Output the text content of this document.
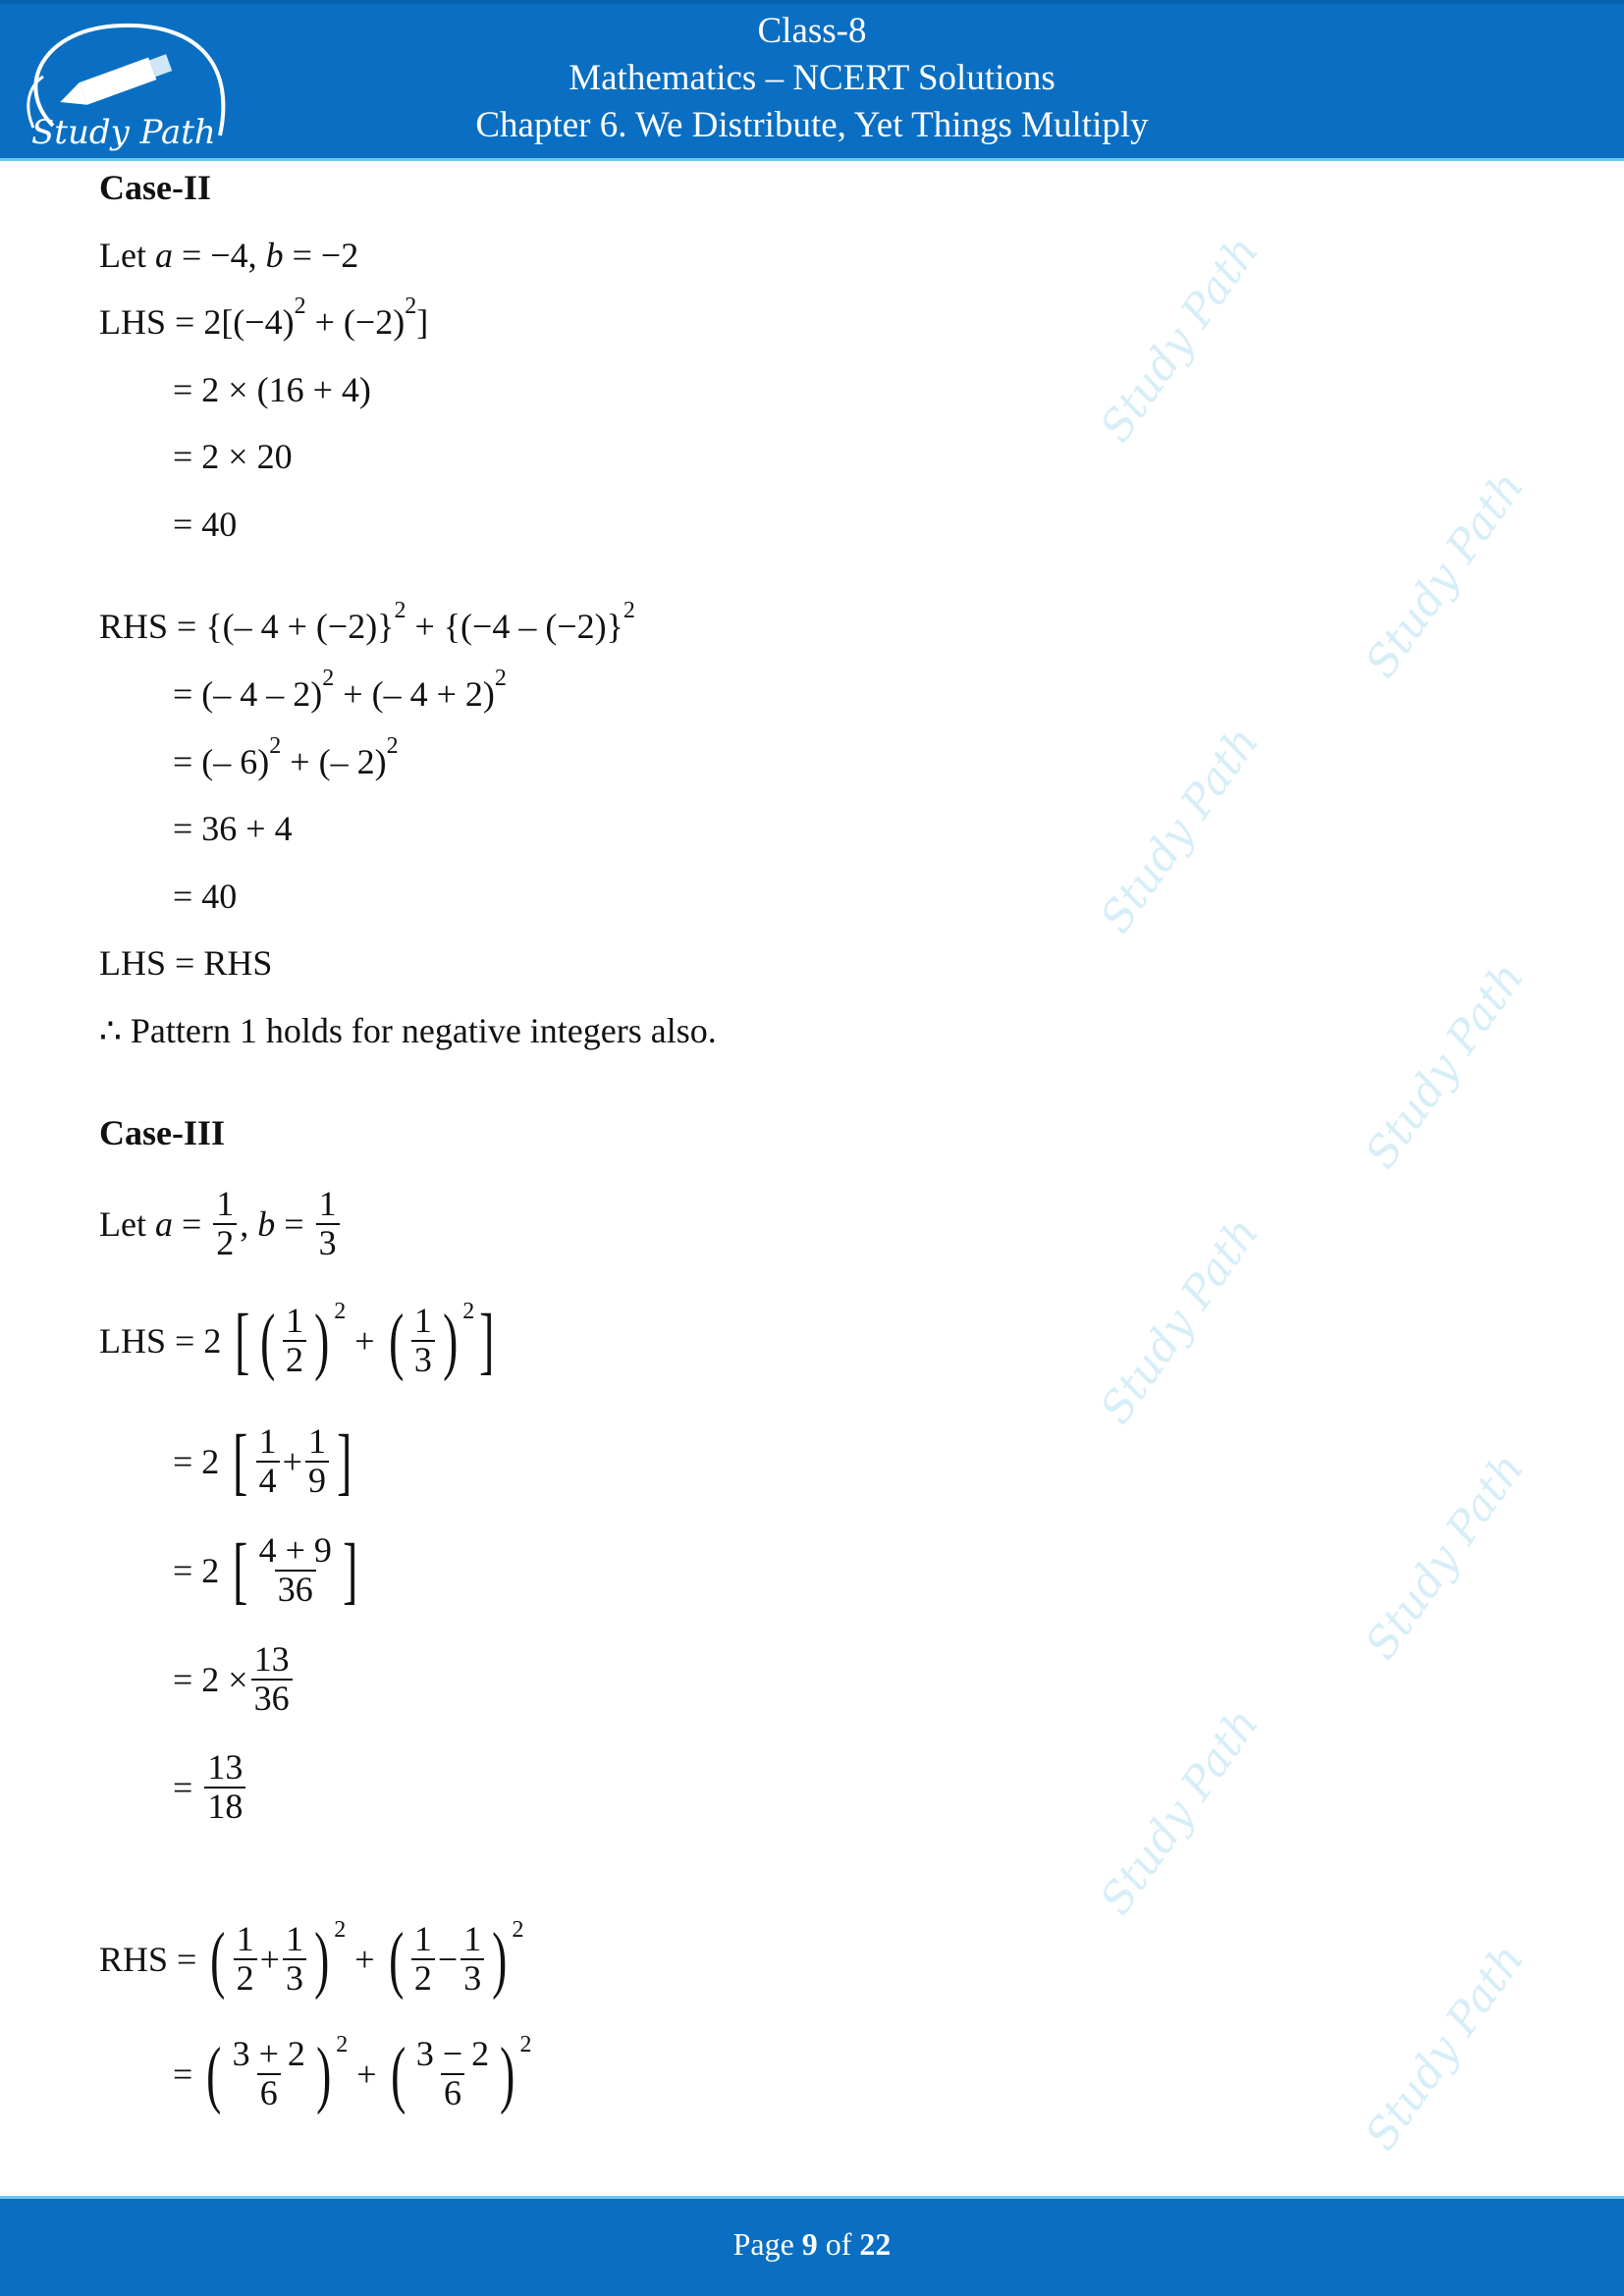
Study Path
Class-8
Mathematics – NCERT Solutions
Chapter 6. We Distribute, Yet Things Multiply
Study Path
Study Path
Study Path
Study Path
Study Path
Study Path
Study Path
Study Path
Case-II
Let a = −4, b = −2
LHS = 2[(−4) 2 + (−2) 2 ]
= 2 × (16 + 4)
= 2 × 20
= 40
RHS = {(– 4 + (−2)} 2 + {(−4 – (−2)} 2
= (– 4 – 2) 2 + (– 4 + 2) 2
= (– 6) 2 + (– 2) 2
= 36 + 4
= 40
LHS = RHS
∴ Pattern 1 holds for negative integers also.
Case-III
Let $a = \frac{1}{2}$ , $b = \frac{1}{3}$
LHS = 2 [ ( $\frac{1}{2}$ ) 2
+ ( $\frac{1}{3}$ ) 2 ]
= 2 [ $\frac{1}{4} + \frac{1}{9}$ ]
= 2 [ $\frac{4 + 9}{36}$ ]
= $2 \times \frac{13}{36}$
= $\frac{13}{18}$
RHS = ( $\frac{1}{2} + \frac{1}{3}$ ) 2
+ ( $\frac{1}{2} - \frac{1}{3}$ ) 2
= ( $\frac{3 + 2}{6}$ ) 2
+ ( $\frac{3 - 2}{6}$ ) 2
Page 9 of 22
